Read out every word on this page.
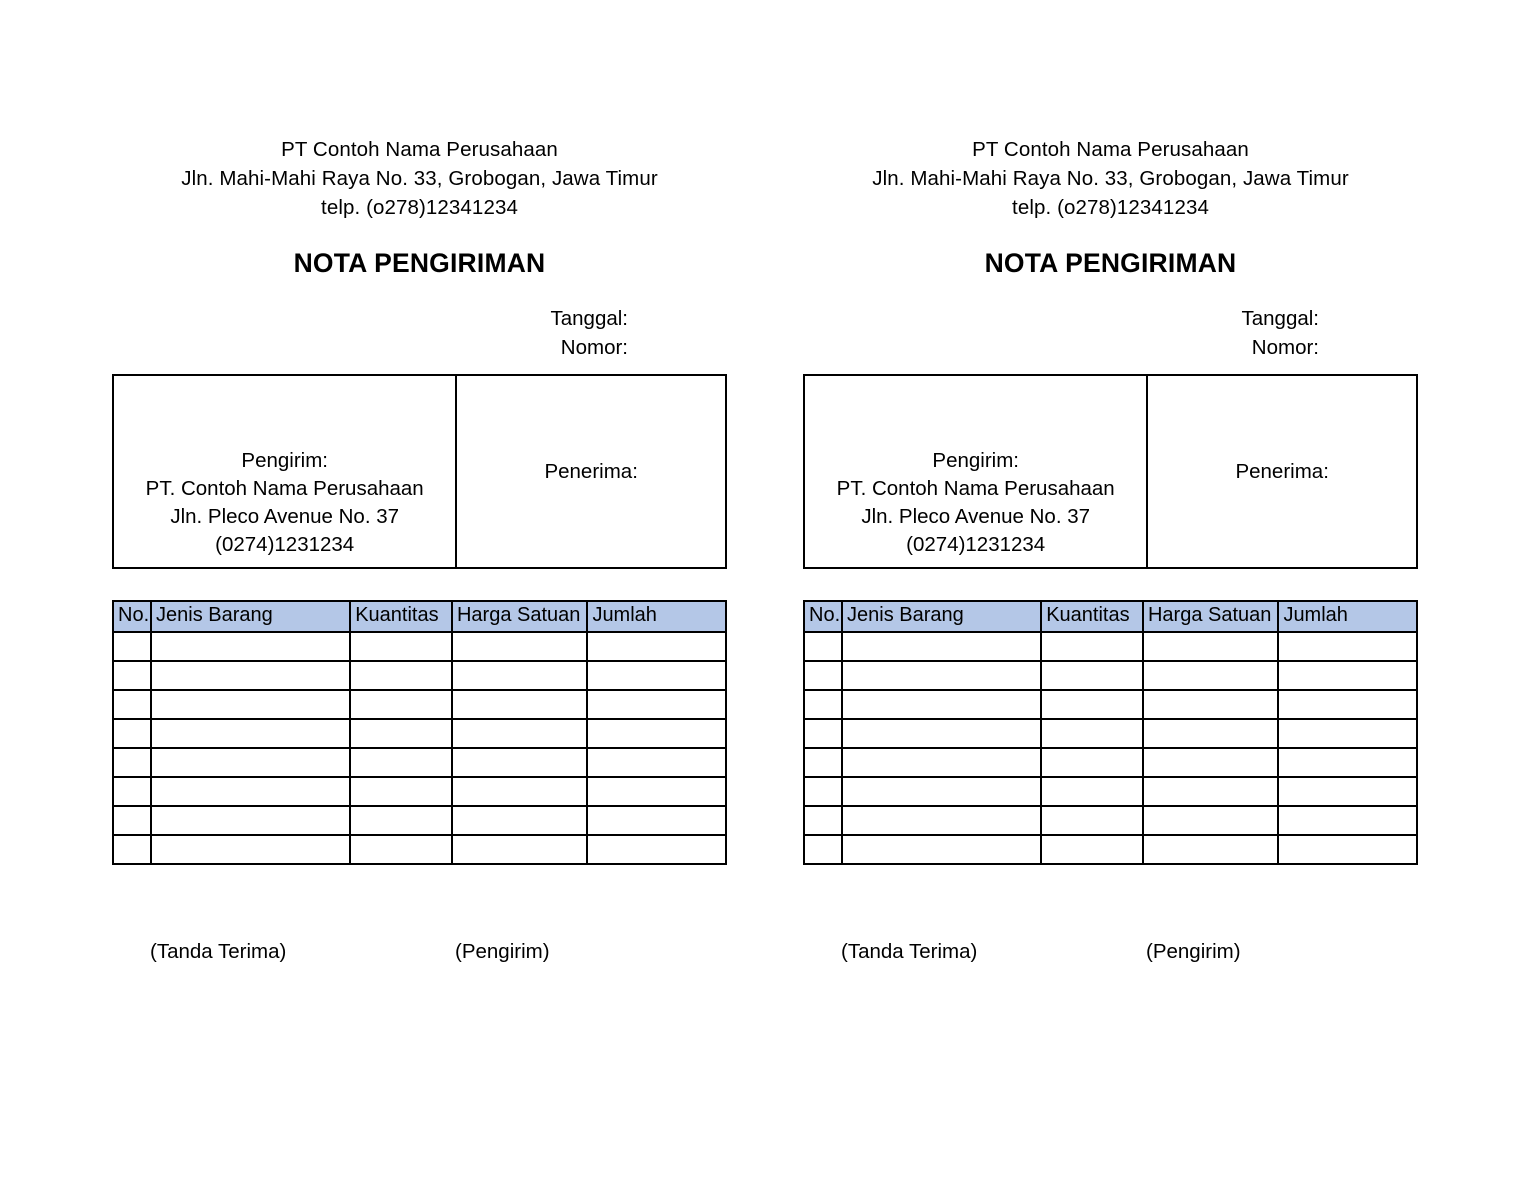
PT Contoh Nama Perusahaan
Jln. Mahi-Mahi Raya No. 33, Grobogan, Jawa Timur
telp. (o278)12341234
NOTA PENGIRIMAN
Tanggal:
Nomor:
Pengirim:
PT. Contoh Nama Perusahaan
Jln. Pleco Avenue No. 37
(0274)1231234
Penerima:
No.	Jenis Barang	Kuantitas	Harga Satuan	Jumlah

(Tanda Terima)	(Pengirim)
PT Contoh Nama Perusahaan
Jln. Mahi-Mahi Raya No. 33, Grobogan, Jawa Timur
telp. (o278)12341234
NOTA PENGIRIMAN
Tanggal:
Nomor:
Pengirim:
PT. Contoh Nama Perusahaan
Jln. Pleco Avenue No. 37
(0274)1231234
Penerima:
No.	Jenis Barang	Kuantitas	Harga Satuan	Jumlah

(Tanda Terima)	(Pengirim)
